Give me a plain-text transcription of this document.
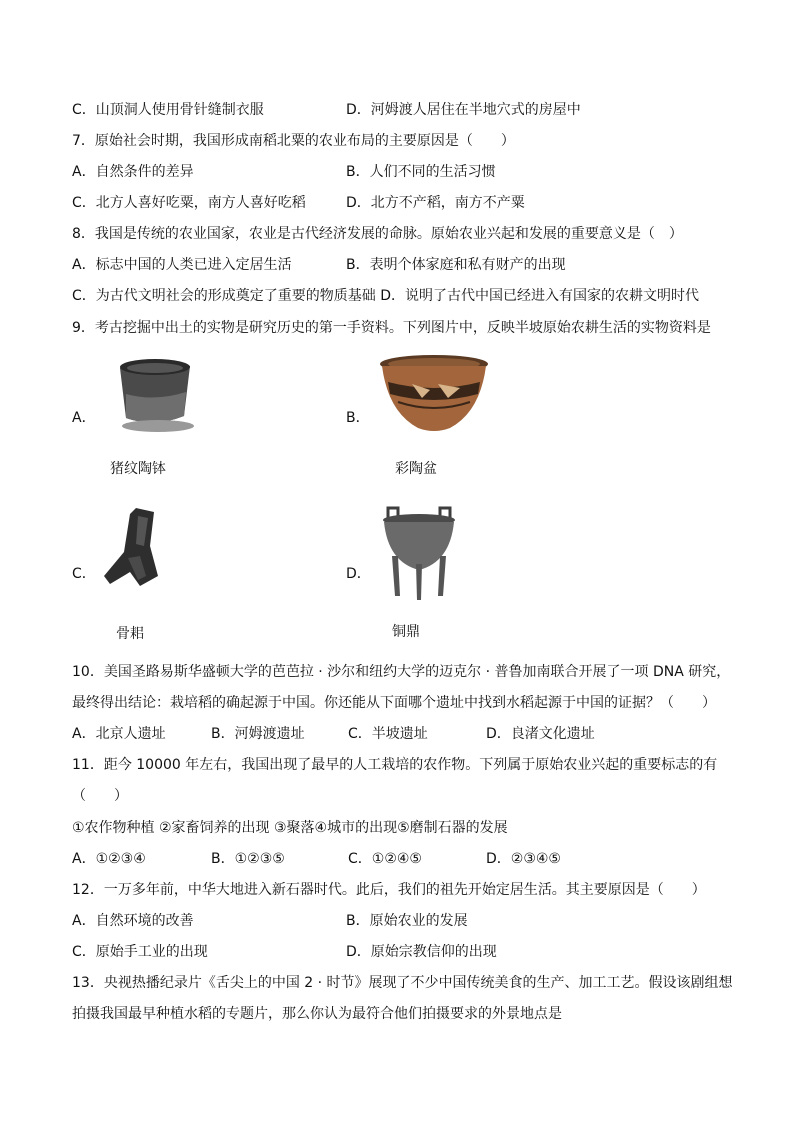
C．山顶洞人使用骨针缝制衣服	D．河姆渡人居住在半地穴式的房屋中
7．原始社会时期，我国形成南稻北粟的农业布局的主要原因是（　　）
A．自然条件的差异	B．人们不同的生活习惯
C．北方人喜好吃粟，南方人喜好吃稻	D．北方不产稻，南方不产粟
8．我国是传统的农业国家，农业是古代经济发展的命脉。原始农业兴起和发展的重要意义是（　）
A．标志中国的人类已进入定居生活	B．表明个体家庭和私有财产的出现
C．为古代文明社会的形成奠定了重要的物质基础 D．说明了古代中国已经进入有国家的农耕文明时代
9．考古挖掘中出土的实物是研究历史的第一手资料。下列图片中，反映半坡原始农耕生活的实物资料是
A．	B．
猪纹陶钵	彩陶盆
C．	D．
骨耜	铜鼎
10．美国圣路易斯华盛顿大学的芭芭拉 · 沙尔和纽约大学的迈克尔 · 普鲁加南联合开展了一项 DNA 研究，
最终得出结论：栽培稻的确起源于中国。你还能从下面哪个遗址中找到水稻起源于中国的证据？（　　）
A．北京人遗址	B．河姆渡遗址	C．半坡遗址	D．良渚文化遗址
11．距今 10000 年左右，我国出现了最早的人工栽培的农作物。下列属于原始农业兴起的重要标志的有
（　　）
①农作物种植 ②家畜饲养的出现 ③聚落④城市的出现⑤磨制石器的发展
A．①②③④	B．①②③⑤	C．①②④⑤	D．②③④⑤
12．一万多年前，中华大地进入新石器时代。此后，我们的祖先开始定居生活。其主要原因是（　　）
A．自然环境的改善	B．原始农业的发展
C．原始手工业的出现	D．原始宗教信仰的出现
13．央视热播纪录片《舌尖上的中国 2 · 时节》展现了不少中国传统美食的生产、加工工艺。假设该剧组想
拍摄我国最早种植水稻的专题片，那么你认为最符合他们拍摄要求的外景地点是
